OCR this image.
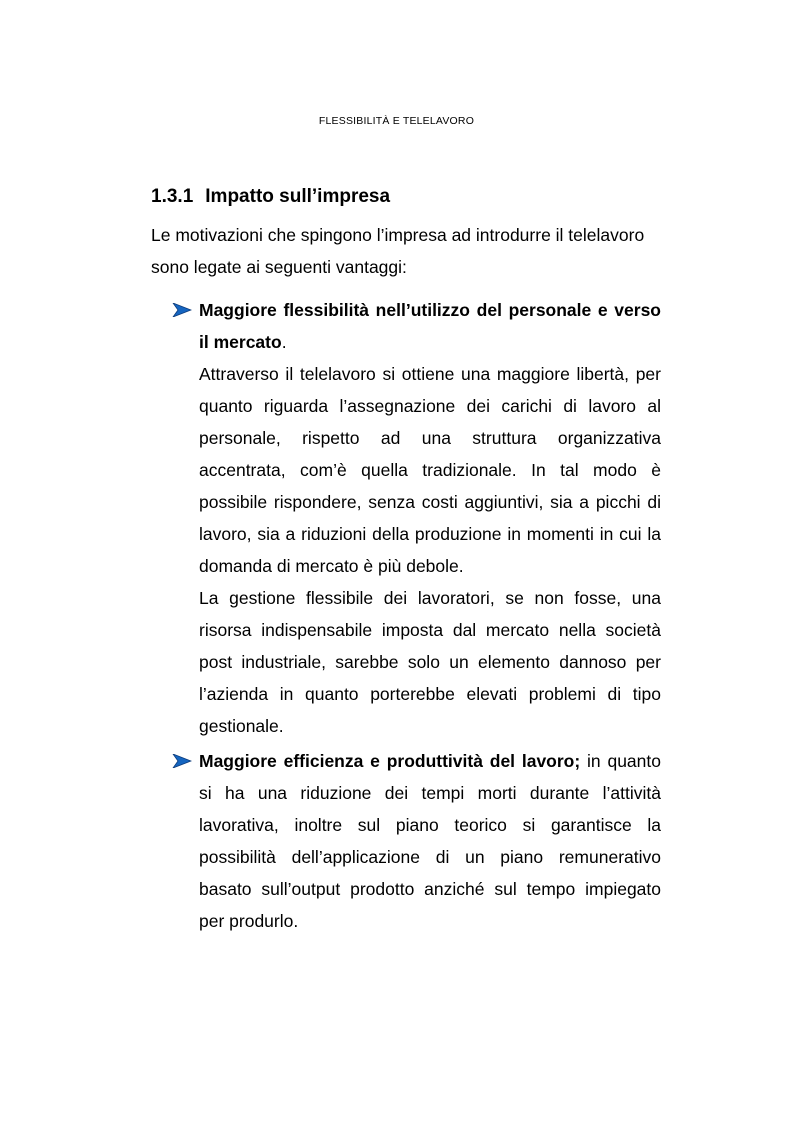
FLESSIBILITÀ E TELELAVORO
1.3.1 Impatto sull’impresa

Le motivazioni che spingono l’impresa ad introdurre il telelavoro sono legate ai seguenti vantaggi:

Maggiore flessibilità nell’utilizzo del personale e verso il mercato.

Attraverso il telelavoro si ottiene una maggiore libertà, per quanto riguarda l’assegnazione dei carichi di lavoro al personale, rispetto ad una struttura organizzativa accentrata, com’è quella tradizionale. In tal modo è possibile rispondere, senza costi aggiuntivi, sia a picchi di lavoro, sia a riduzioni della produzione in momenti in cui la domanda di mercato è più debole.

La gestione flessibile dei lavoratori, se non fosse, una risorsa indispensabile imposta dal mercato nella società post industriale, sarebbe solo un elemento dannoso per l’azienda in quanto porterebbe elevati problemi di tipo gestionale.

Maggiore efficienza e produttività del lavoro; in quanto si ha una riduzione dei tempi morti durante l’attività lavorativa, inoltre sul piano teorico si garantisce la possibilità dell’applicazione di un piano remunerativo basato sull’output prodotto anziché sul tempo impiegato per produrlo.
